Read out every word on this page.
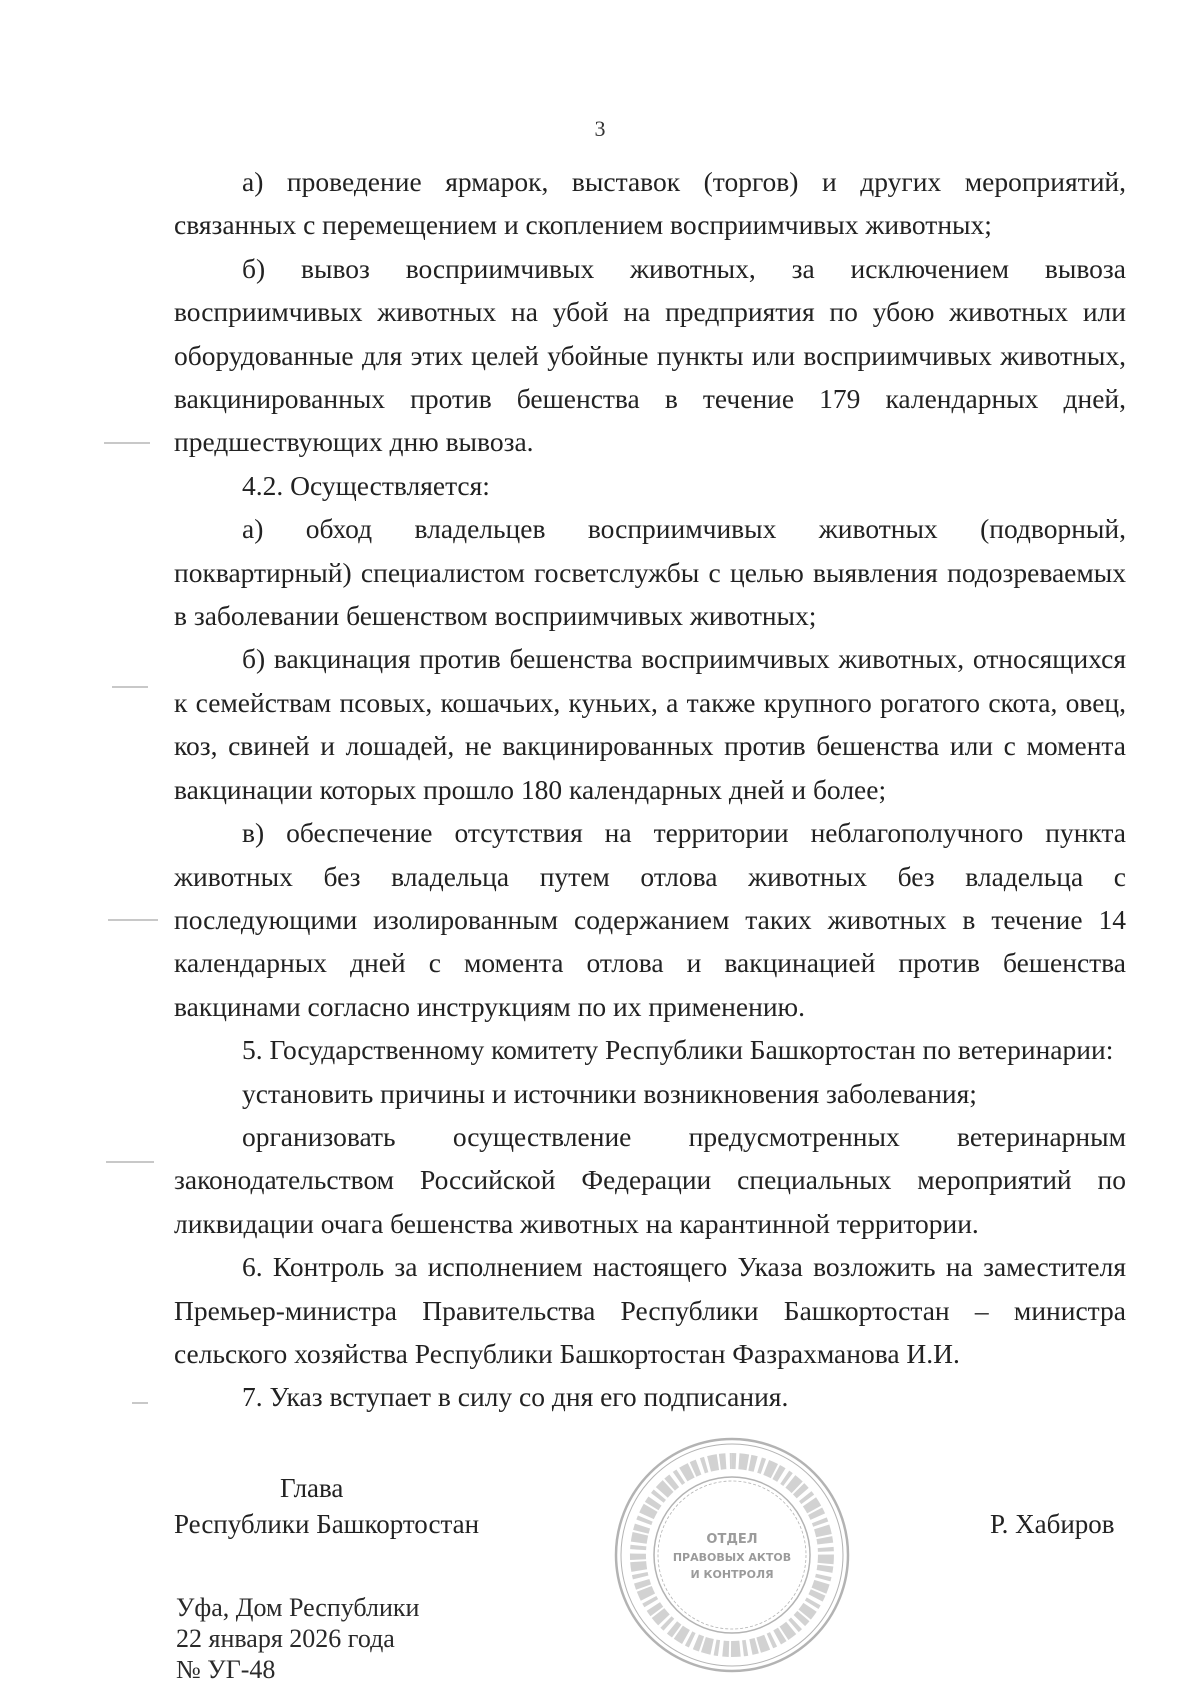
3

а) проведение ярмарок, выставок (торгов) и других мероприятий, связанных с перемещением и скоплением восприимчивых животных;

б) вывоз восприимчивых животных, за исключением вывоза восприимчивых животных на убой на предприятия по убою животных или оборудованные для этих целей убойные пункты или восприимчивых животных, вакцинированных против бешенства в течение 179 календарных дней, предшествующих дню вывоза.

4.2. Осуществляется:

а) обход владельцев восприимчивых животных (подворный, поквартирный) специалистом госветслужбы с целью выявления подозреваемых в заболевании бешенством восприимчивых животных;

б) вакцинация против бешенства восприимчивых животных, относящихся к семействам псовых, кошачьих, куньих, а также крупного рогатого скота, овец, коз, свиней и лошадей, не вакцинированных против бешенства или с момента вакцинации которых прошло 180 календарных дней и более;

в) обеспечение отсутствия на территории неблагополучного пункта животных без владельца путем отлова животных без владельца с последующими изолированным содержанием таких животных в течение 14 календарных дней с момента отлова и вакцинацией против бешенства вакцинами согласно инструкциям по их применению.

5. Государственному комитету Республики Башкортостан по ветеринарии:

установить причины и источники возникновения заболевания;

организовать осуществление предусмотренных ветеринарным законодательством Российской Федерации специальных мероприятий по ликвидации очага бешенства животных на карантинной территории.

6. Контроль за исполнением настоящего Указа возложить на заместителя Премьер-министра Правительства Республики Башкортостан – министра сельского хозяйства Республики Башкортостан Фазрахманова И.И.

7. Указ вступает в силу со дня его подписания.

Глава
Республики Башкортостан
ОТДЕЛ
ПРАВОВЫХ АКТОВ
И КОНТРОЛЯ
Р. Хабиров
Уфа, Дом Республики
22 января 2026 года
№ УГ-48
